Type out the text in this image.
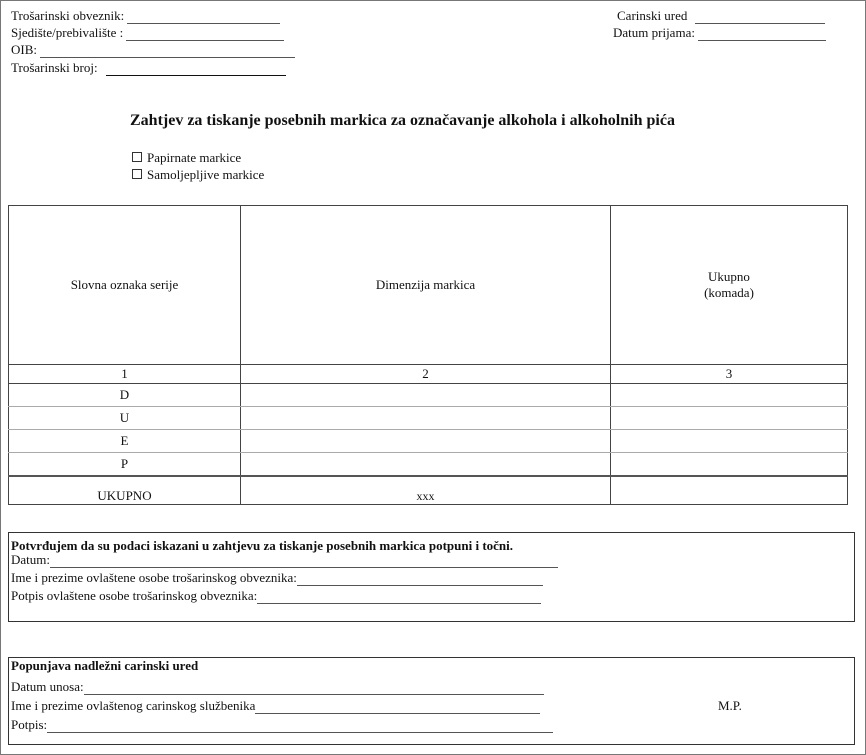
Trošarinski obveznik:
Sjedište/prebivalište :
OIB:
Trošarinski broj:
Carinski ured
Datum prijama:
Zahtjev za tiskanje posebnih markica za označavanje alkohola i alkoholnih pića
Papirnate markice
Samoljepljive markice
Slovna oznaka serije	Dimenzija markica	Ukupno
(komada)
1	2	3
D		
U		
E		
P		
UKUPNO	xxx	
Potvrđujem da su podaci iskazani u zahtjevu za tiskanje posebnih markica potpuni i točni.
Datum:
Ime i prezime ovlaštene osobe trošarinskog obveznika:
Potpis ovlaštene osobe trošarinskog obveznika:
Popunjava nadležni carinski ured
Datum unosa:
Ime i prezime ovlaštenog carinskog službenika
Potpis:
M.P.
